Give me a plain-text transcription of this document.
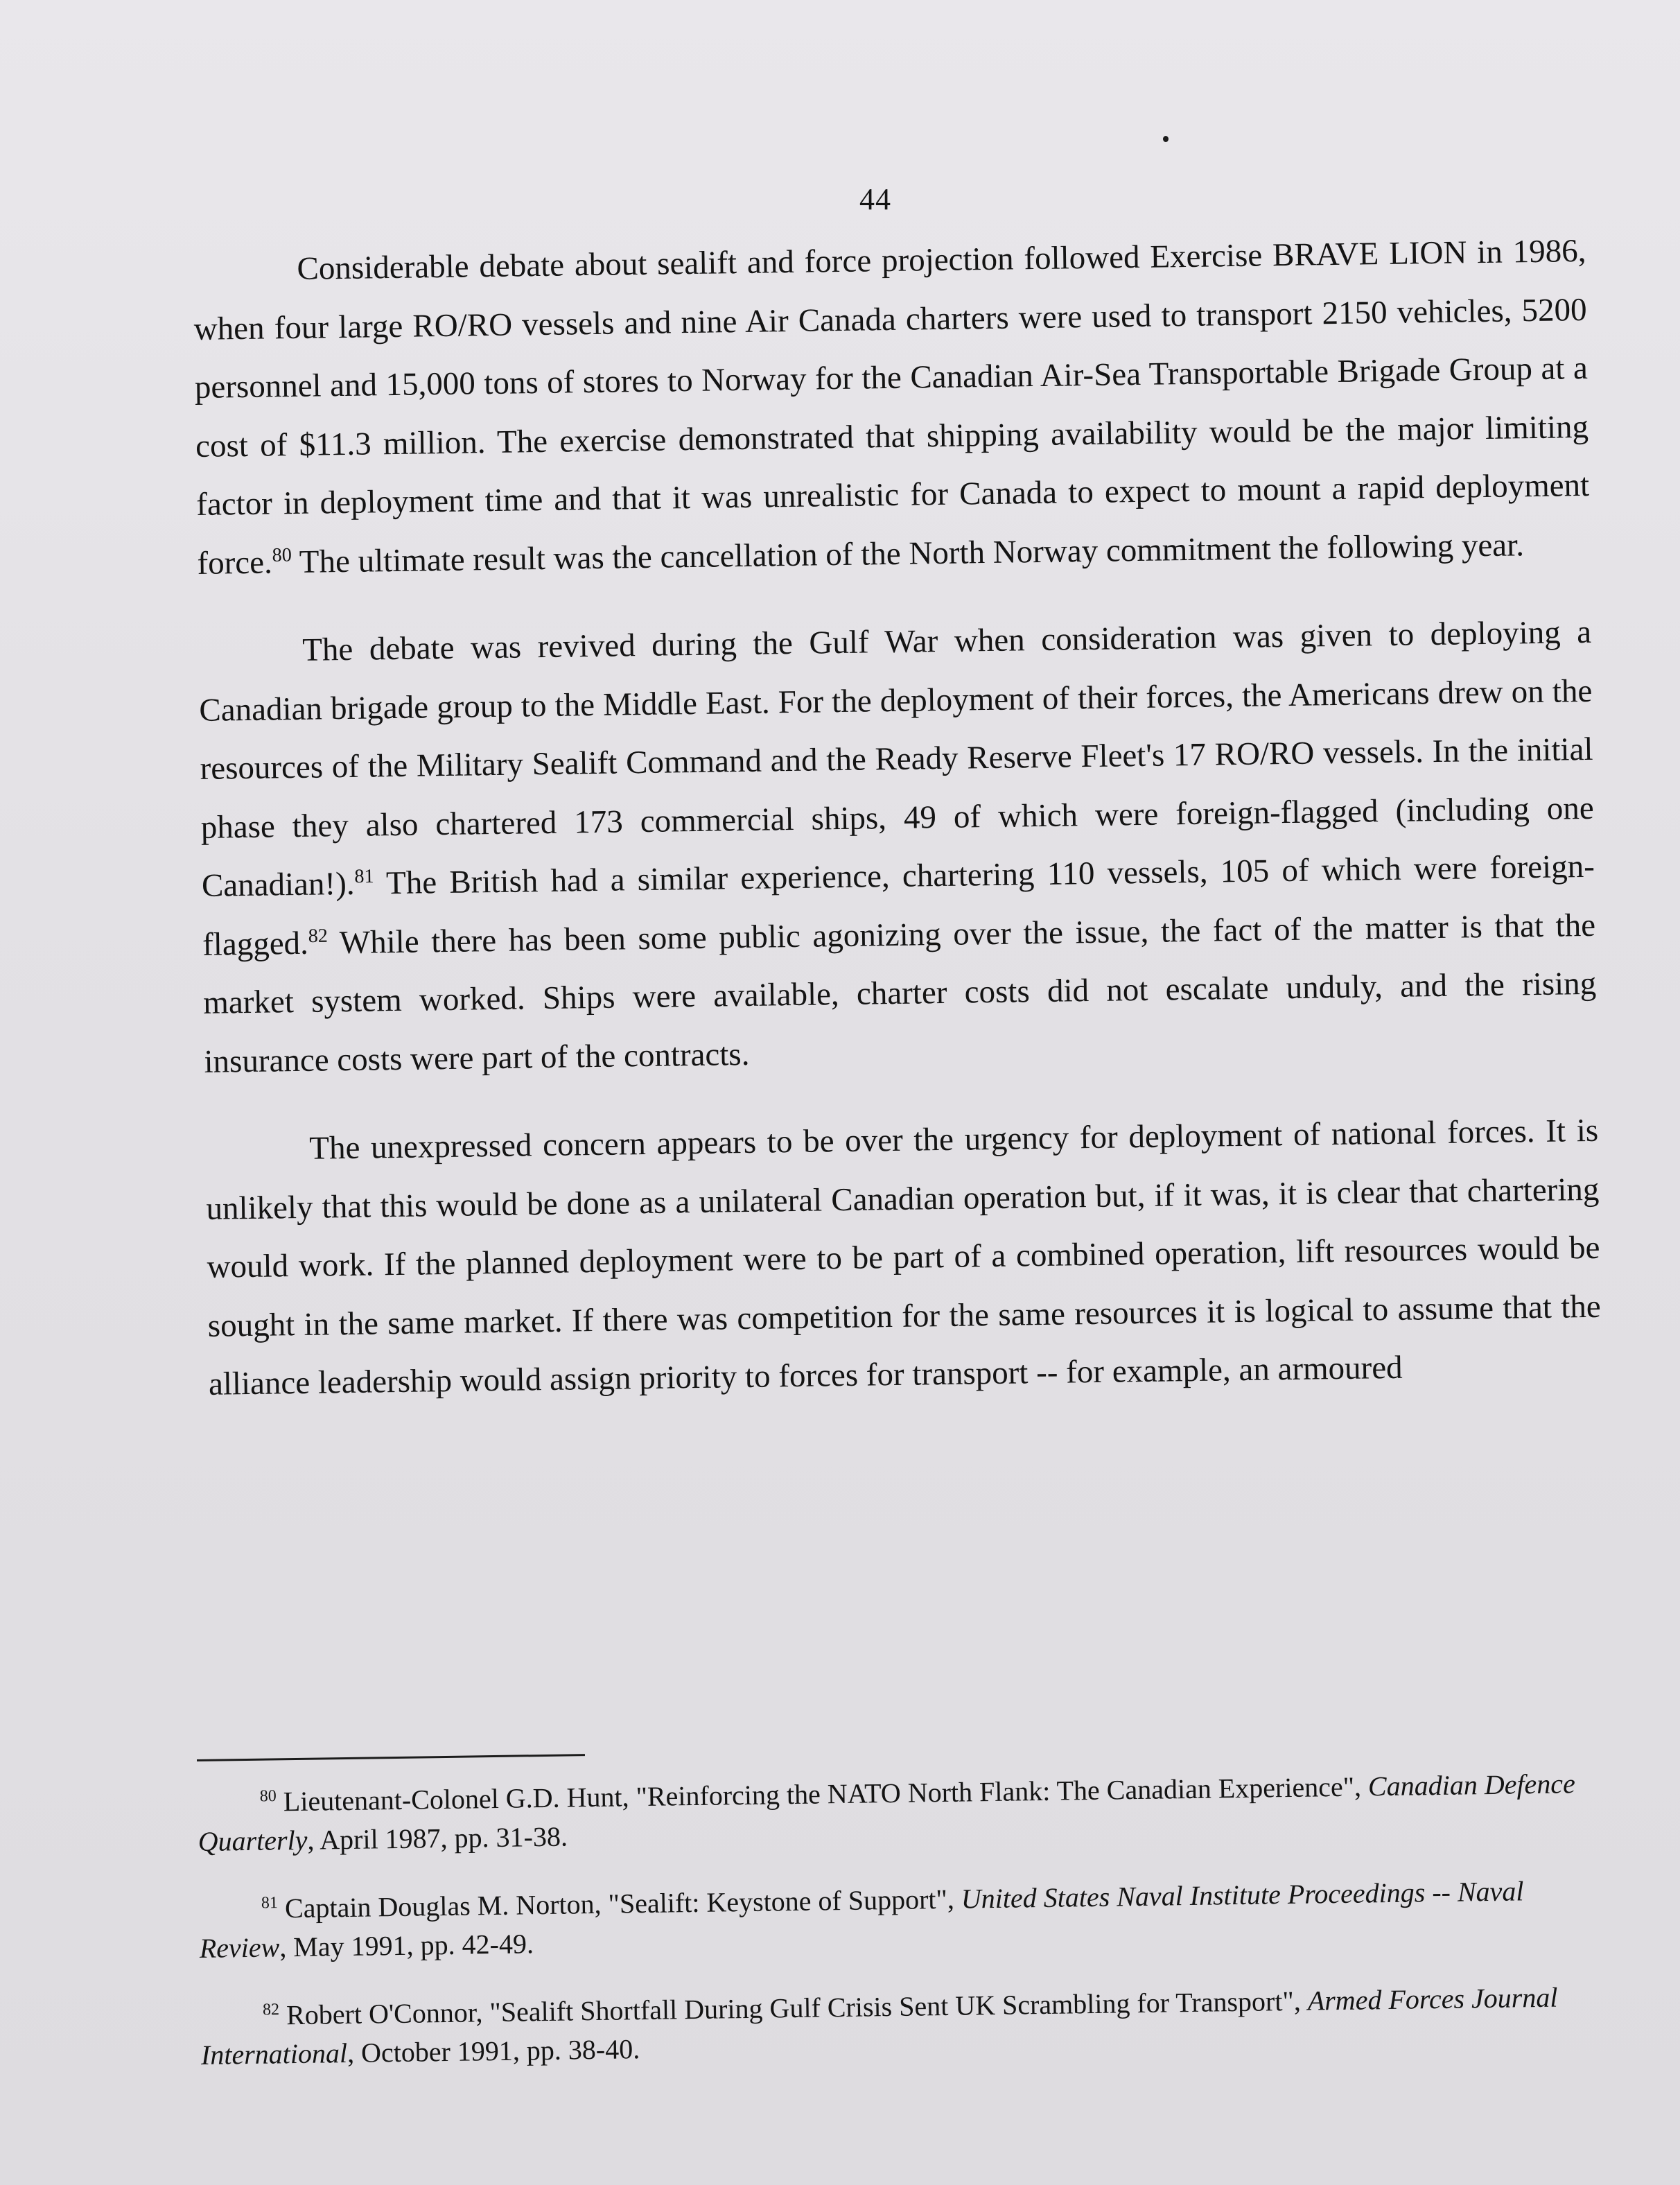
44

Considerable debate about sealift and force projection followed Exercise BRAVE LION in 1986, when four large RO/RO vessels and nine Air Canada charters were used to transport 2150 vehicles, 5200 personnel and 15,000 tons of stores to Norway for the Canadian Air-Sea Transportable Brigade Group at a cost of $11.3 million. The exercise demonstrated that shipping availability would be the major limiting factor in deployment time and that it was unrealistic for Canada to expect to mount a rapid deployment force.$^{80}$ The ultimate result was the cancellation of the North Norway commitment the following year.

The debate was revived during the Gulf War when consideration was given to deploying a Canadian brigade group to the Middle East. For the deployment of their forces, the Americans drew on the resources of the Military Sealift Command and the Ready Reserve Fleet's 17 RO/RO vessels. In the initial phase they also chartered 173 commercial ships, 49 of which were foreign-flagged (including one Canadian!).$^{81}$ The British had a similar experience, chartering 110 vessels, 105 of which were foreign-flagged.$^{82}$ While there has been some public agonizing over the issue, the fact of the matter is that the market system worked. Ships were available, charter costs did not escalate unduly, and the rising insurance costs were part of the contracts.

The unexpressed concern appears to be over the urgency for deployment of national forces. It is unlikely that this would be done as a unilateral Canadian operation but, if it was, it is clear that chartering would work. If the planned deployment were to be part of a combined operation, lift resources would be sought in the same market. If there was competition for the same resources it is logical to assume that the alliance leadership would assign priority to forces for transport -- for example, an armoured

$^{80}$ Lieutenant-Colonel G.D. Hunt, "Reinforcing the NATO North Flank: The Canadian Experience", Canadian Defence Quarterly, April 1987, pp. 31-38.

$^{81}$ Captain Douglas M. Norton, "Sealift: Keystone of Support", United States Naval Institute Proceedings -- Naval Review, May 1991, pp. 42-49.

$^{82}$ Robert O'Connor, "Sealift Shortfall During Gulf Crisis Sent UK Scrambling for Transport", Armed Forces Journal International, October 1991, pp. 38-40.
